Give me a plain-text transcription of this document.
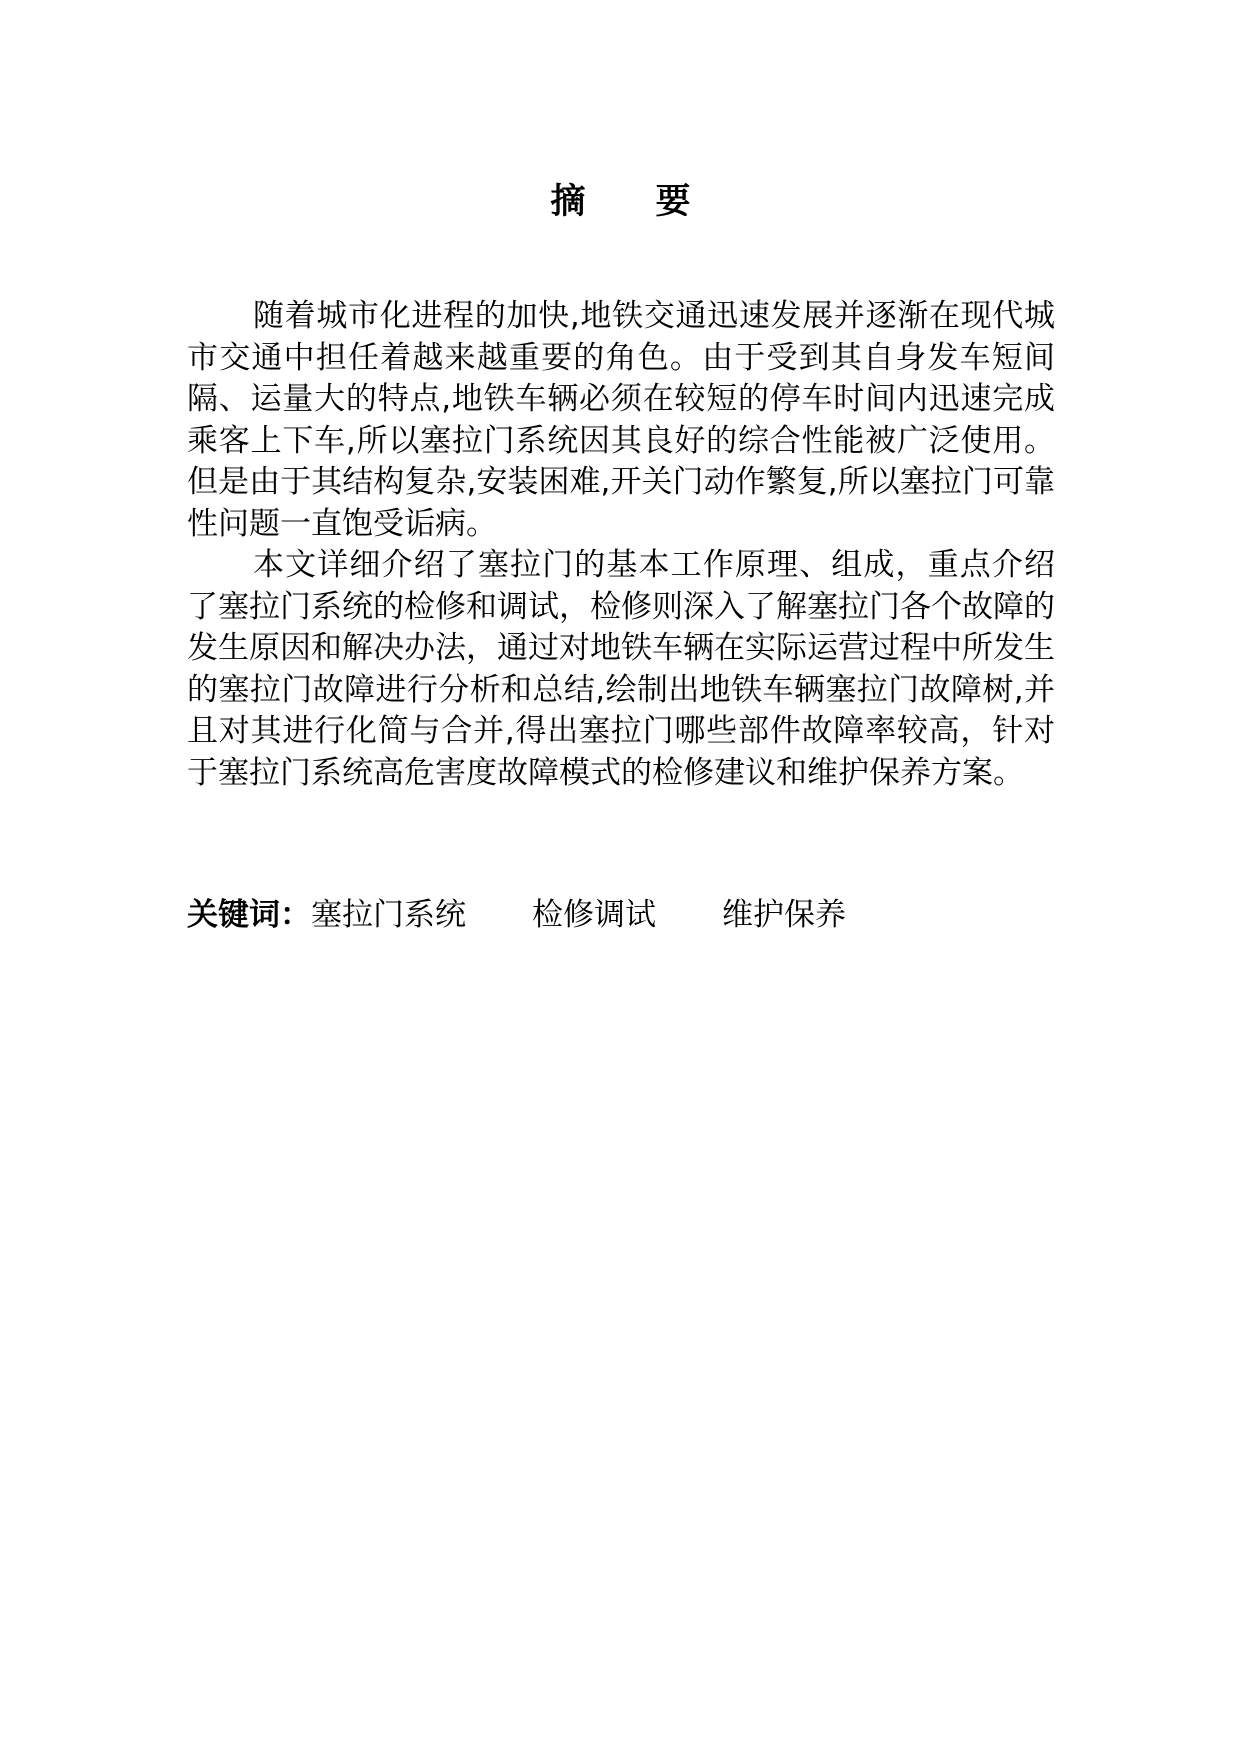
摘 要

随着城市化进程的加快,地铁交通迅速发展并逐渐在现代城市交通中担任着越来越重要的角色。由于受到其自身发车短间隔、运量大的特点,地铁车辆必须在较短的停车时间内迅速完成乘客上下车,所以塞拉门系统因其良好的综合性能被广泛使用。但是由于其结构复杂,安装困难,开关门动作繁复,所以塞拉门可靠性问题一直饱受诟病。

本文详细介绍了塞拉门的基本工作原理、组成，重点介绍了塞拉门系统的检修和调试，检修则深入了解塞拉门各个故障的发生原因和解决办法，通过对地铁车辆在实际运营过程中所发生的塞拉门故障进行分析和总结,绘制出地铁车辆塞拉门故障树,并且对其进行化简与合并,得出塞拉门哪些部件故障率较高，针对于塞拉门系统高危害度故障模式的检修建议和维护保养方案。

关键词：塞拉门系统 检修调试 维护保养
